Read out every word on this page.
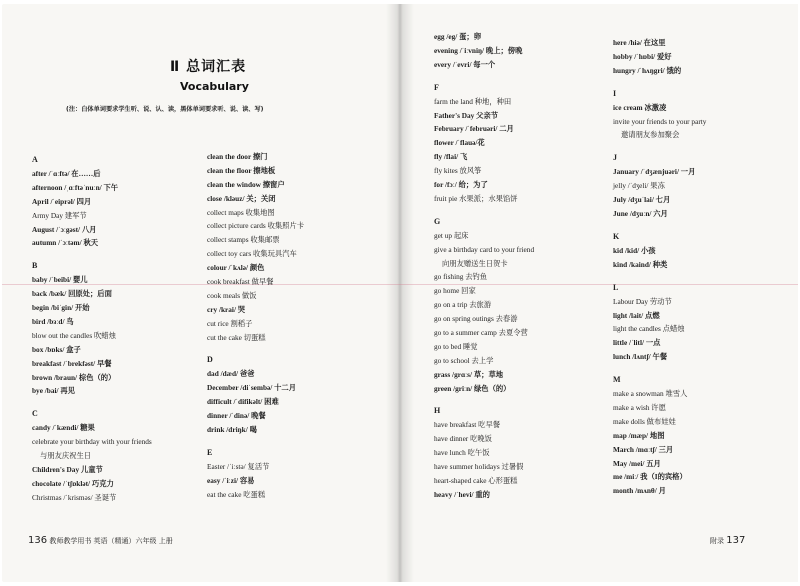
Ⅱ 总词汇表
Vocabulary
(注：白体单词要求学生听、说、认、读，黑体单词要求听、说、读、写)
A
after /ˈɑːftə/ 在……后
afternoon /ˌɑːftəˈnuːn/ 下午
April /ˈeiprəl/ 四月
Army Day 建军节
August /ˈɔːgəst/ 八月
autumn /ˈɔːtəm/ 秋天
B
baby /ˈbeibi/ 婴儿
back /bæk/ 回原处；后面
begin /biˈgin/ 开始
bird /bɜːd/ 鸟
blow out the candles 吹蜡烛
box /bɒks/ 盒子
breakfast /ˈbrekfəst/ 早餐
brown /braun/ 棕色（的）
bye /bai/ 再见
C
candy /ˈkændi/ 糖果
celebrate your birthday with your friends
与朋友庆祝生日
Children's Day 儿童节
chocolate /ˈtʃɒklət/ 巧克力
Christmas /ˈkrisməs/ 圣诞节
clean the door 擦门
clean the floor 擦地板
clean the window 擦窗户
close /kləuz/ 关；关闭
collect maps 收集地图
collect picture cards 收集照片卡
collect stamps 收集邮票
collect toy cars 收集玩具汽车
colour /ˈkʌlə/ 颜色
cook breakfast 做早餐
cook meals 做饭
cry /krai/ 哭
cut rice 割稻子
cut the cake 切蛋糕
D
dad /dæd/ 爸爸
December /diˈsembə/ 十二月
difficult /ˈdifikəlt/ 困难
dinner /ˈdinə/ 晚餐
drink /driŋk/ 喝
E
Easter /ˈiːstə/ 复活节
easy /ˈiːzi/ 容易
eat the cake 吃蛋糕
egg /eg/ 蛋；卵
evening /ˈiːvniŋ/ 晚上；傍晚
every /ˈevri/ 每一个
F
farm the land 种地，种田
Father's Day 父亲节
February /ˈfebruəri/ 二月
flower /ˈflauə/花
fly /flai/ 飞
fly kites 放风筝
for /fɔː/ 给；为了
fruit pie 水果派；水果馅饼
G
get up 起床
give a birthday card to your friend
向朋友赠送生日贺卡
go fishing 去钓鱼
go home 回家
go on a trip 去旅游
go on spring outings 去春游
go to a summer camp 去夏令营
go to bed 睡觉
go to school 去上学
grass /grɑːs/ 草；草地
green /griːn/ 绿色（的）
H
have breakfast 吃早餐
have dinner 吃晚饭
have lunch 吃午饭
have summer holidays 过暑假
heart-shaped cake 心形蛋糕
heavy /ˈhevi/ 重的
here /hiə/ 在这里
hobby /ˈhɒbi/ 爱好
hungry /ˈhʌŋgri/ 饿的
I
ice cream 冰激凌
invite your friends to your party
邀请朋友参加聚会
J
January /ˈdʒænjuəri/ 一月
jelly /ˈdʒeli/ 果冻
July /dʒuˈlai/ 七月
June /dʒuːn/ 六月
K
kid /kid/ 小孩
kind /kaind/ 种类
L
Labour Day 劳动节
light /lait/ 点燃
light the candles 点蜡烛
little /ˈlitl/ 一点
lunch /lʌntʃ/ 午餐
M
make a snowman 堆雪人
make a wish 许愿
make dolls 做布娃娃
map /mæp/ 地图
March /mɑːtʃ/ 三月
May /mei/ 五月
me /miː/ 我（I的宾格）
month /mʌnθ/ 月
136 教师教学用书 英语（精通）六年级 上册	附录 137
